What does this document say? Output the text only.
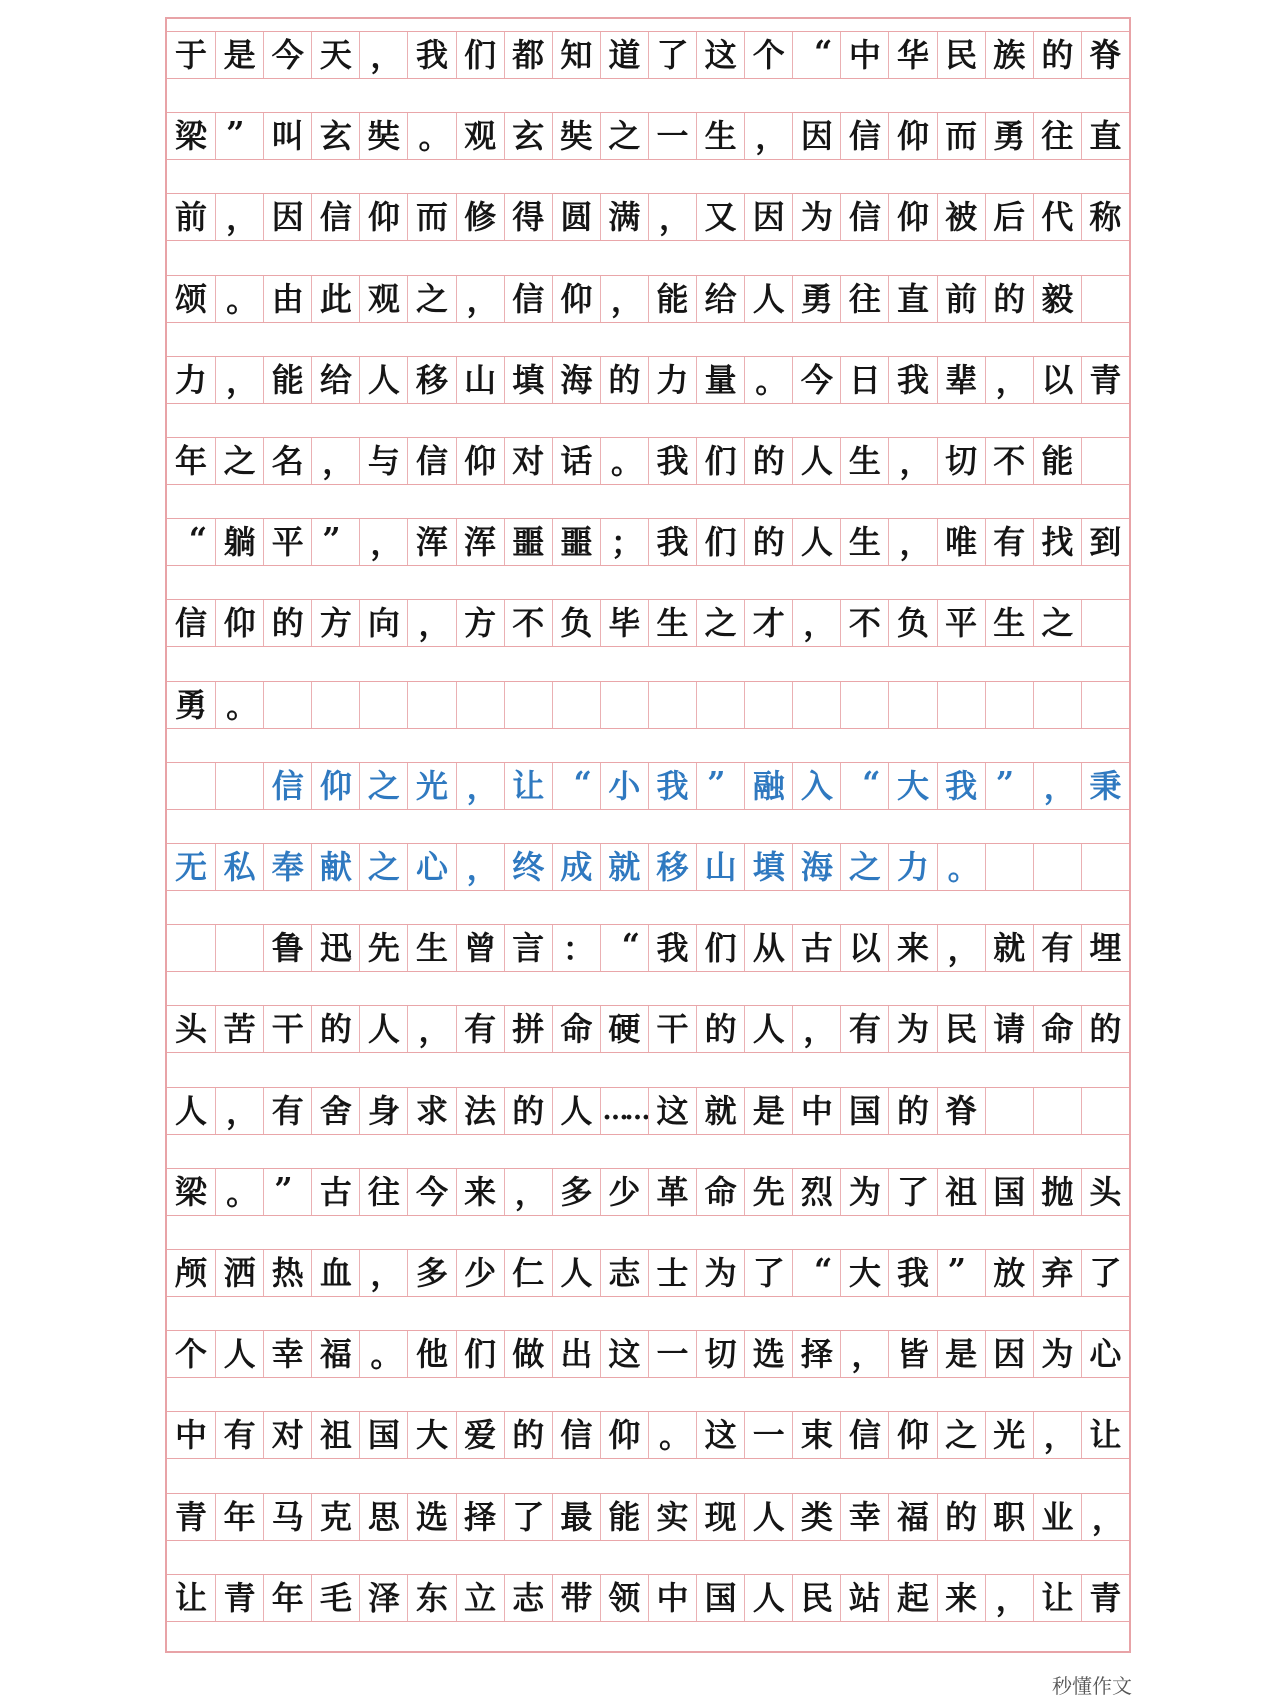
于 是 今 天 ， 我 们 都 知 道 了 这 个 “ 中 华 民 族 的 脊
梁 ” 叫 玄 奘 。 观 玄 奘 之 一 生 ， 因 信 仰 而 勇 往 直
前 ， 因 信 仰 而 修 得 圆 满 ， 又 因 为 信 仰 被 后 代 称
颂 。 由 此 观 之 ， 信 仰 ， 能 给 人 勇 往 直 前 的 毅
力 ， 能 给 人 移 山 填 海 的 力 量 。 今 日 我 辈 ， 以 青
年 之 名 ， 与 信 仰 对 话 。 我 们 的 人 生 ， 切 不 能
“ 躺 平 ” ， 浑 浑 噩 噩 ； 我 们 的 人 生 ， 唯 有 找 到
信 仰 的 方 向 ， 方 不 负 毕 生 之 才 ， 不 负 平 生 之
勇 。
信 仰 之 光 ， 让 “ 小 我 ” 融 入 “ 大 我 ” ， 秉
无 私 奉 献 之 心 ， 终 成 就 移 山 填 海 之 力 。
鲁 迅 先 生 曾 言 ： “ 我 们 从 古 以 来 ， 就 有 埋
头 苦 干 的 人 ， 有 拼 命 硬 干 的 人 ， 有 为 民 请 命 的
人 ， 有 舍 身 求 法 的 人 …… 这 就 是 中 国 的 脊
梁 。 ” 古 往 今 来 ， 多 少 革 命 先 烈 为 了 祖 国 抛 头
颅 洒 热 血 ， 多 少 仁 人 志 士 为 了 “ 大 我 ” 放 弃 了
个 人 幸 福 。 他 们 做 出 这 一 切 选 择 ， 皆 是 因 为 心
中 有 对 祖 国 大 爱 的 信 仰 。 这 一 束 信 仰 之 光 ， 让
青 年 马 克 思 选 择 了 最 能 实 现 人 类 幸 福 的 职 业 ，
让 青 年 毛 泽 东 立 志 带 领 中 国 人 民 站 起 来 ， 让 青
秒懂作文
